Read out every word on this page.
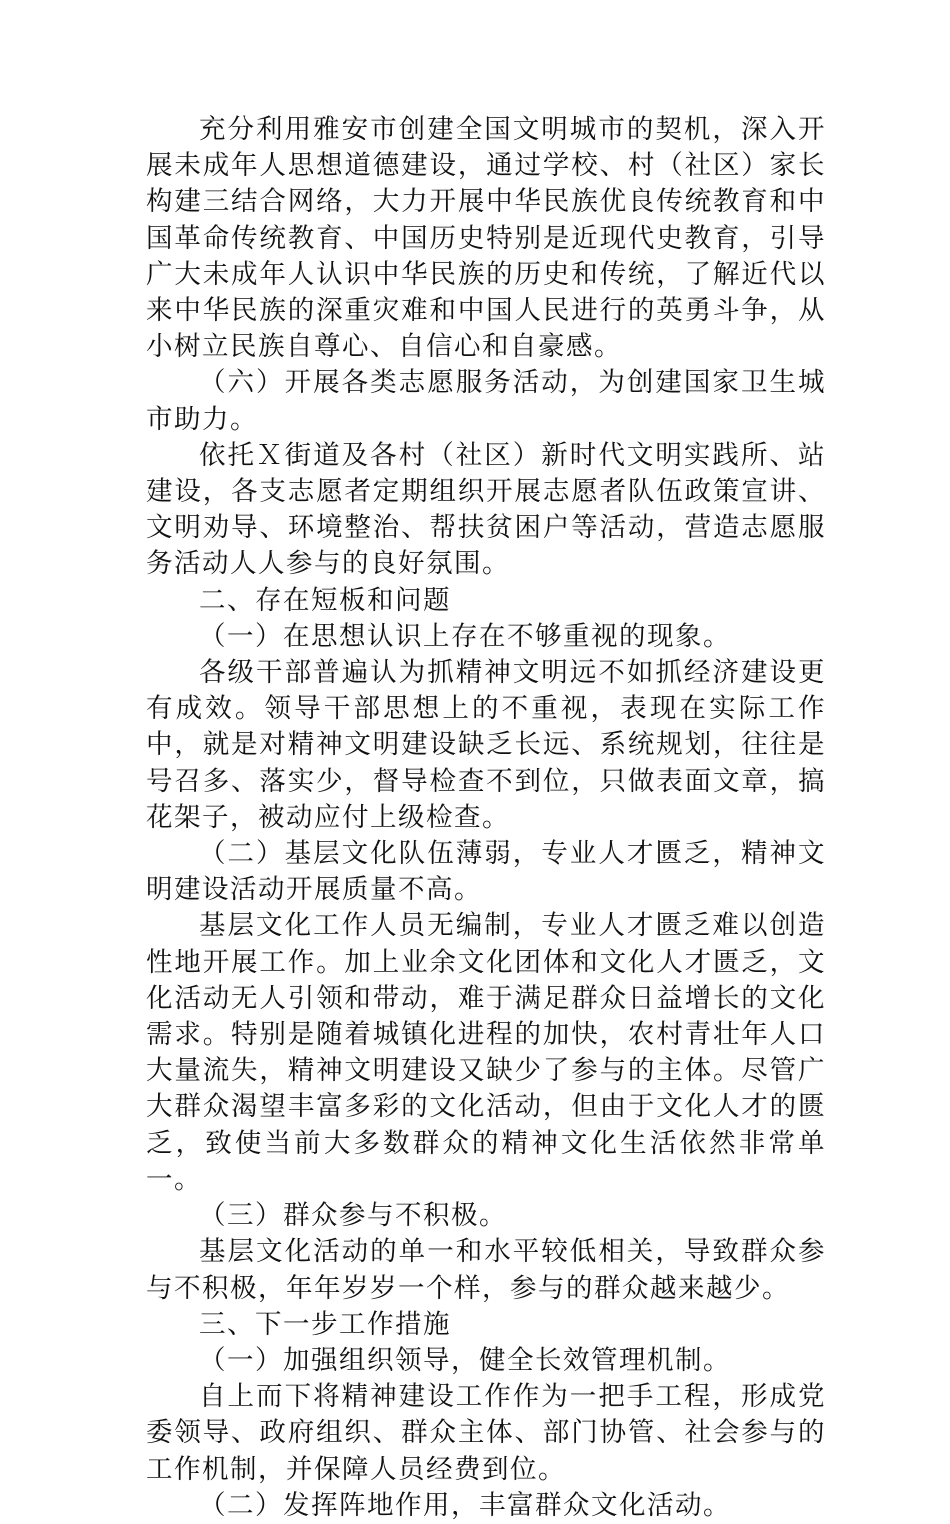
充分利用雅安市创建全国文明城市的契机，深入开展未成年人思想道德建设，通过学校、村（社区）家长构建三结合网络，大力开展中华民族优良传统教育和中国革命传统教育、中国历史特别是近现代史教育，引导广大未成年人认识中华民族的历史和传统，了解近代以来中华民族的深重灾难和中国人民进行的英勇斗争，从小树立民族自尊心、自信心和自豪感。

（六）开展各类志愿服务活动，为创建国家卫生城市助力。

依托Ｘ街道及各村（社区）新时代文明实践所、站建设，各支志愿者定期组织开展志愿者队伍政策宣讲、文明劝导、环境整治、帮扶贫困户等活动，营造志愿服务活动人人参与的良好氛围。

二、存在短板和问题

（一）在思想认识上存在不够重视的现象。

各级干部普遍认为抓精神文明远不如抓经济建设更有成效。领导干部思想上的不重视，表现在实际工作中，就是对精神文明建设缺乏长远、系统规划，往往是号召多、落实少，督导检查不到位，只做表面文章，搞花架子，被动应付上级检查。

（二）基层文化队伍薄弱，专业人才匮乏，精神文明建设活动开展质量不高。

基层文化工作人员无编制，专业人才匮乏难以创造性地开展工作。加上业余文化团体和文化人才匮乏，文化活动无人引领和带动，难于满足群众日益增长的文化需求。特别是随着城镇化进程的加快，农村青壮年人口大量流失，精神文明建设又缺少了参与的主体。尽管广大群众渴望丰富多彩的文化活动，但由于文化人才的匮乏，致使当前大多数群众的精神文化生活依然非常单一。

（三）群众参与不积极。

基层文化活动的单一和水平较低相关，导致群众参与不积极，年年岁岁一个样，参与的群众越来越少。

三、下一步工作措施

（一）加强组织领导，健全长效管理机制。

自上而下将精神建设工作作为一把手工程，形成党委领导、政府组织、群众主体、部门协管、社会参与的工作机制，并保障人员经费到位。

（二）发挥阵地作用，丰富群众文化活动。
